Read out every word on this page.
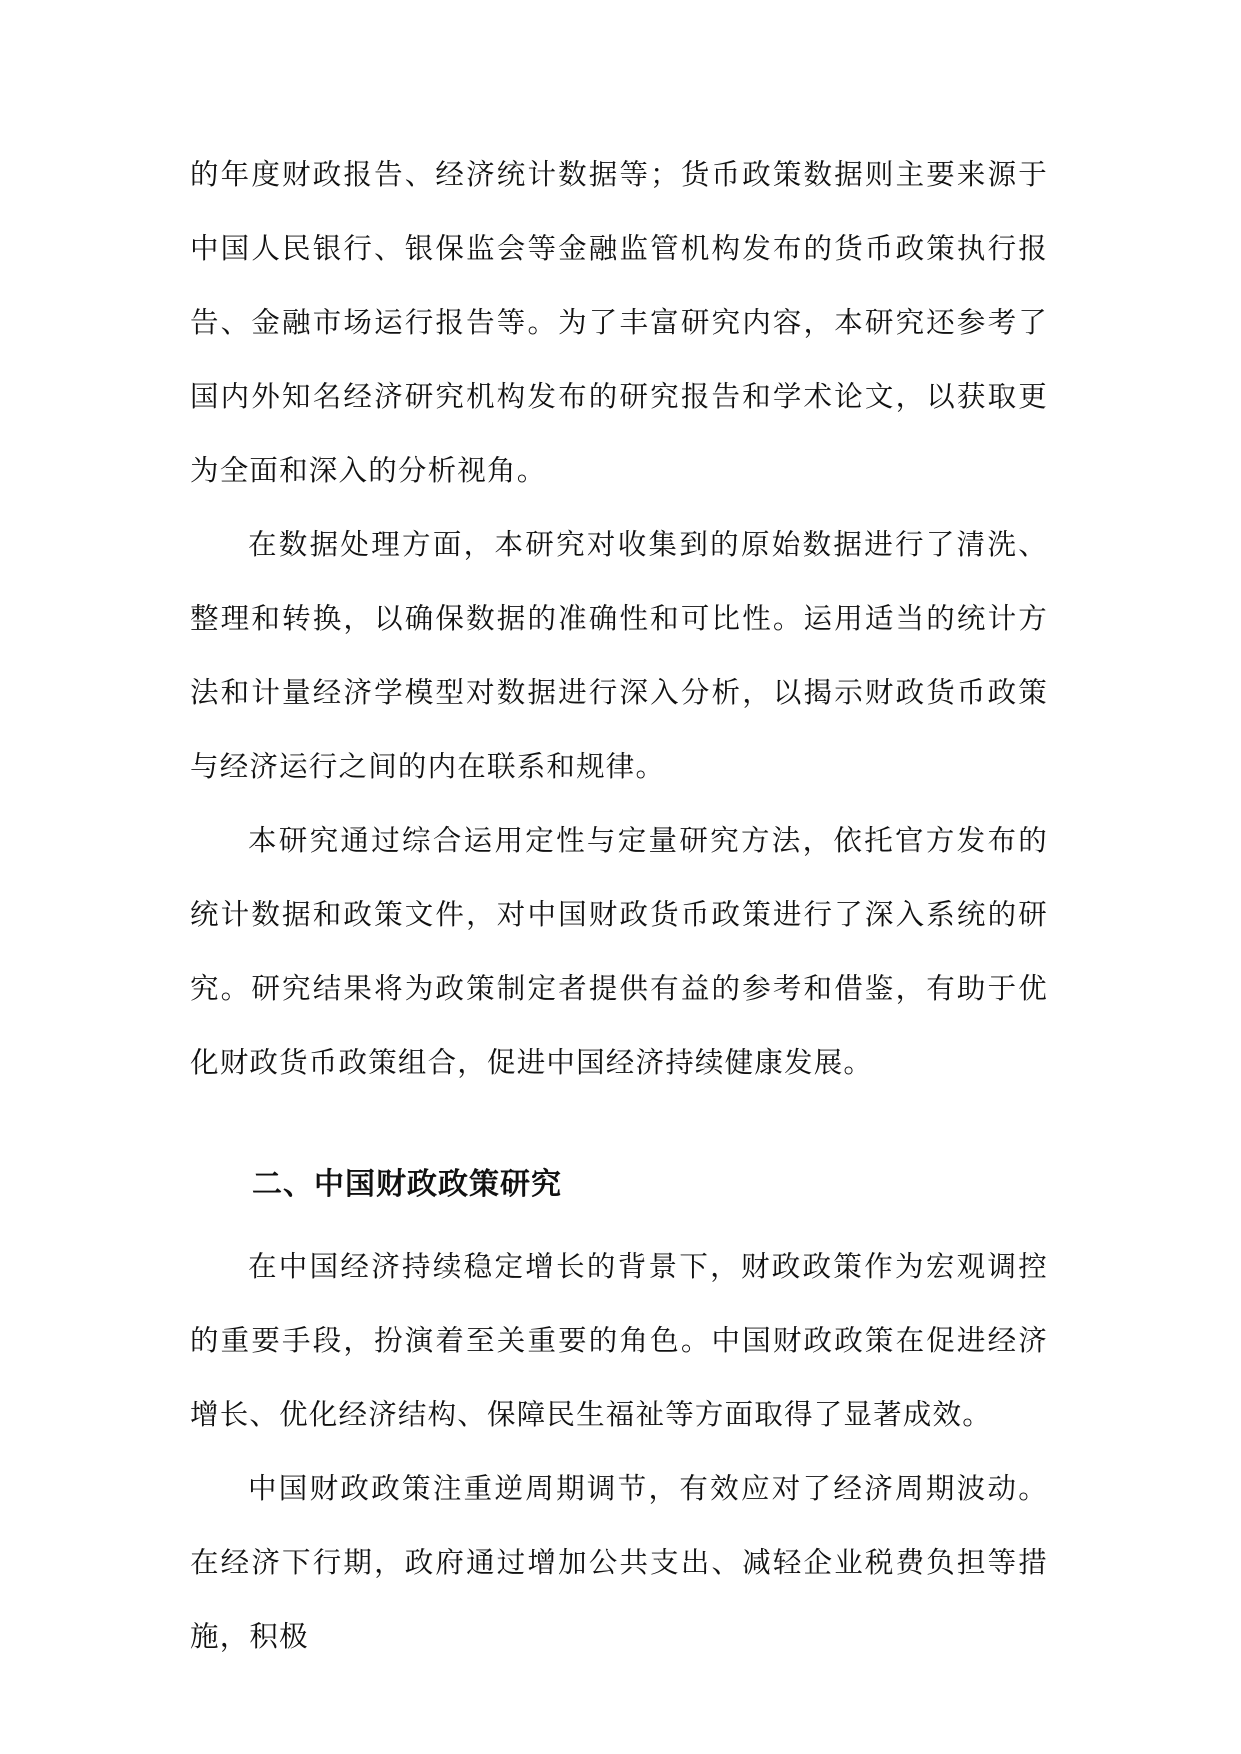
的年度财政报告、经济统计数据等；货币政策数据则主要来源于中国人民银行、银保监会等金融监管机构发布的货币政策执行报告、金融市场运行报告等。为了丰富研究内容，本研究还参考了国内外知名经济研究机构发布的研究报告和学术论文，以获取更为全面和深入的分析视角。

在数据处理方面，本研究对收集到的原始数据进行了清洗、整理和转换，以确保数据的准确性和可比性。运用适当的统计方法和计量经济学模型对数据进行深入分析，以揭示财政货币政策与经济运行之间的内在联系和规律。

本研究通过综合运用定性与定量研究方法，依托官方发布的统计数据和政策文件，对中国财政货币政策进行了深入系统的研究。研究结果将为政策制定者提供有益的参考和借鉴，有助于优化财政货币政策组合，促进中国经济持续健康发展。

二、中国财政政策研究

在中国经济持续稳定增长的背景下，财政政策作为宏观调控的重要手段，扮演着至关重要的角色。中国财政政策在促进经济增长、优化经济结构、保障民生福祉等方面取得了显著成效。

中国财政政策注重逆周期调节，有效应对了经济周期波动。在经济下行期，政府通过增加公共支出、减轻企业税费负担等措施，积极
